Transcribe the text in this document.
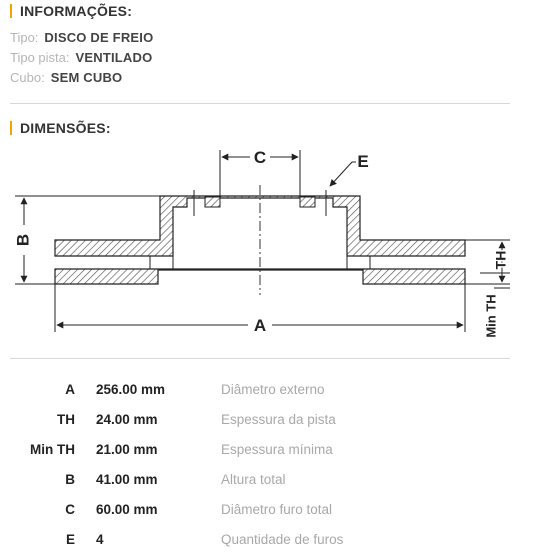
INFORMAÇÕES:
Tipo: DISCO DE FREIO
Tipo pista: VENTILADO
Cubo: SEM CUBO
DIMENSÕES:
C	E
B
TH
Min TH
A
A 256.00 mm	Diâmetro externo
TH 24.00 mm	Espessura da pista
Min TH 21.00 mm	Espessura mínima
B 41.00 mm	Altura total
C 60.00 mm	Diâmetro furo total
E 4	Quantidade de furos
